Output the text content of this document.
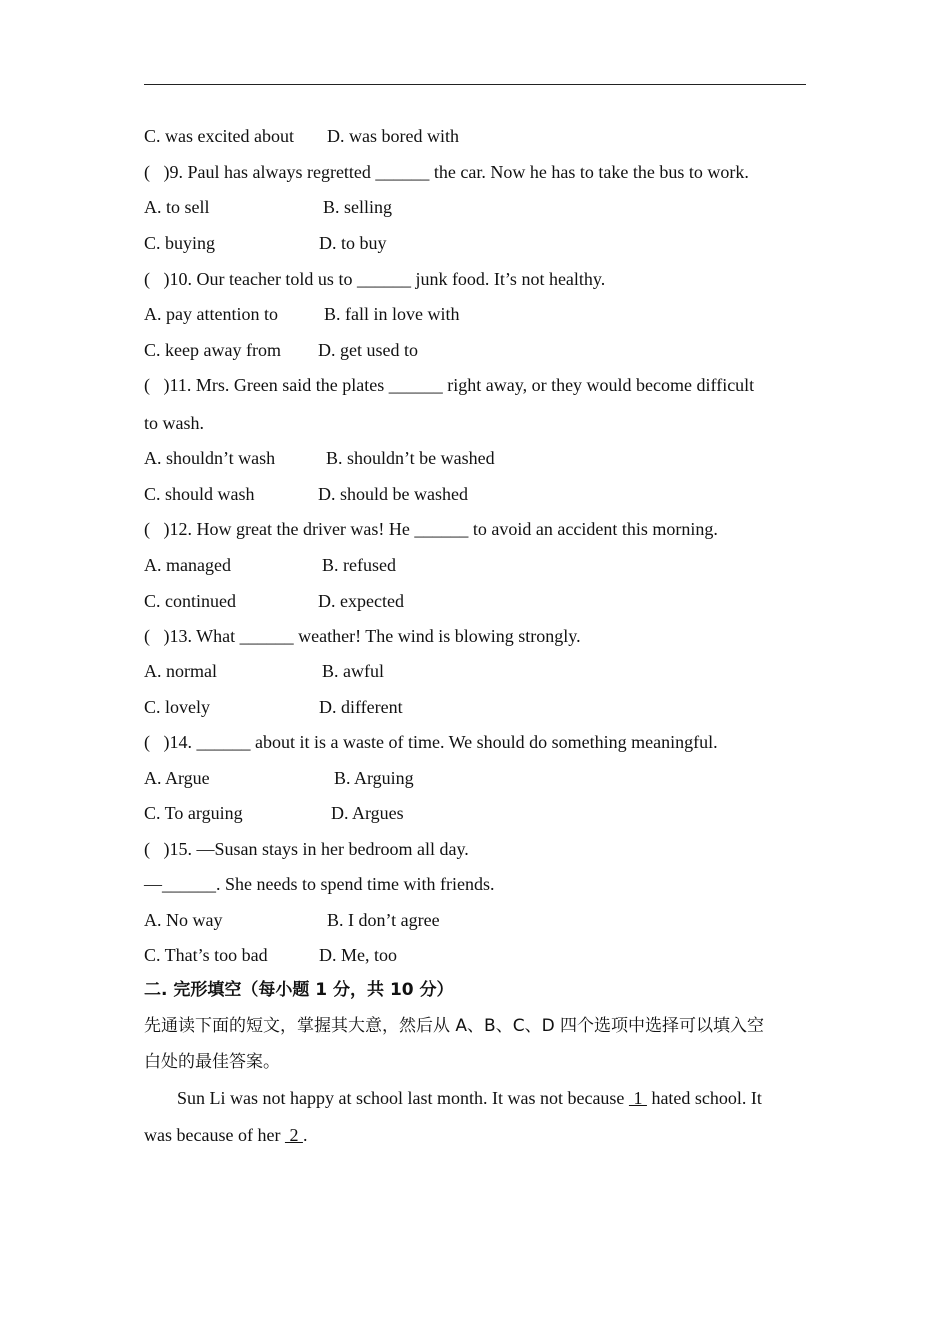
C. was excited about D. was bored with
(   )9. Paul has always regretted ______ the car. Now he has to take the bus to work.
A. to sell	B. selling
C. buying	D. to buy
(   )10. Our teacher told us to ______ junk food. It’s not healthy.
A. pay attention to	B. fall in love with
C. keep away from D. get used to
(   )11. Mrs. Green said the plates ______ right away, or they would become difficult
to wash.
A. shouldn’t wash	B. shouldn’t be washed
C. should wash	D. should be washed
(   )12. How great the driver was! He ______ to avoid an accident this morning.
A. managed	B. refused
C. continued	D. expected
(   )13. What ______ weather! The wind is blowing strongly.
A. normal	B. awful
C. lovely	D. different
(   )14. ______ about it is a waste of time. We should do something meaningful.
A. Argue	B. Arguing
C. To arguing	D. Argues
(   )15. —Susan stays in her bedroom all day.
—______. She needs to spend time with friends.
A. No way	B. I don’t agree
C. That’s too bad	D. Me, too
二. 完形填空（每小题 1 分，共 10 分）
先通读下面的短文，掌握其大意，然后从 A、B、C、D 四个选项中选择可以填入空
白处的最佳答案。
Sun Li was not happy at school last month. It was not because  1  hated school. It
was because of her  2 .
